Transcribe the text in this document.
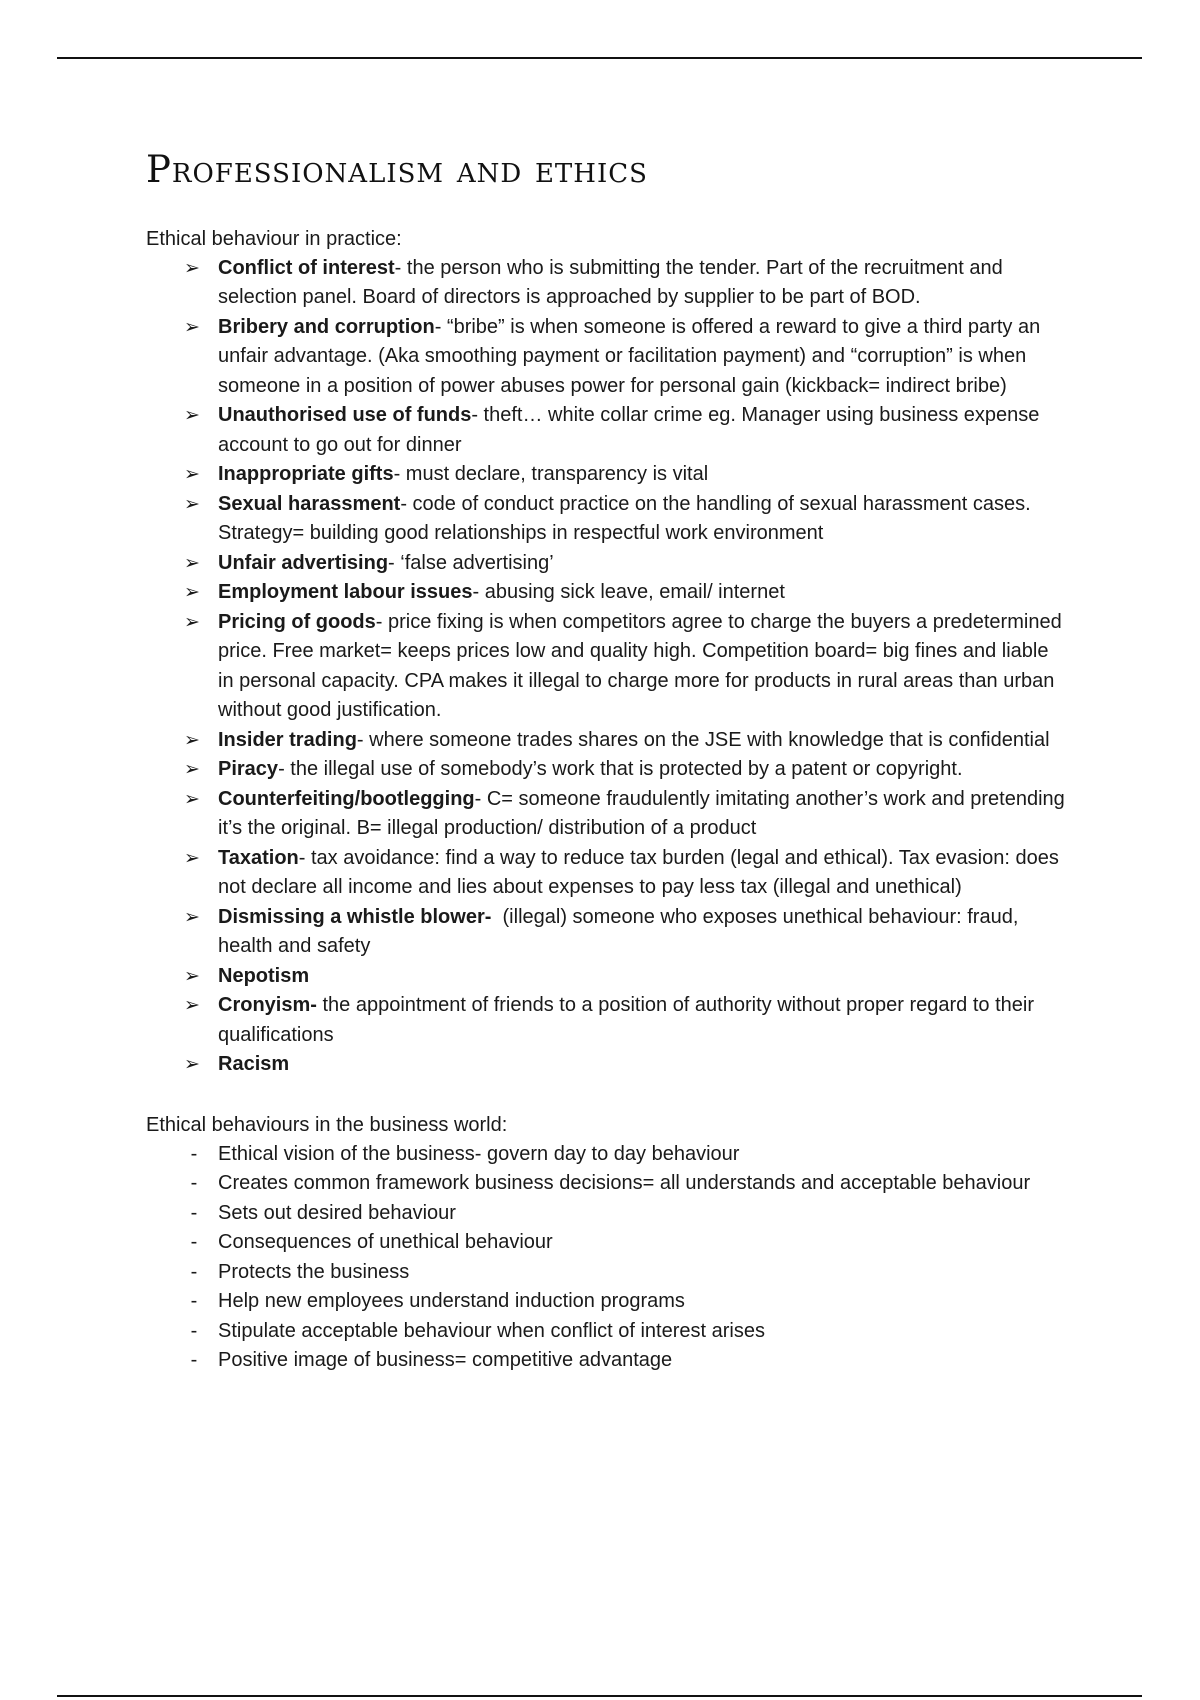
Professionalism and ethics

Ethical behaviour in practice:

➢ Conflict of interest- the person who is submitting the tender. Part of the recruitment and selection panel. Board of directors is approached by supplier to be part of BOD.
➢ Bribery and corruption- “bribe” is when someone is offered a reward to give a third party an unfair advantage. (Aka smoothing payment or facilitation payment) and “corruption” is when someone in a position of power abuses power for personal gain (kickback= indirect bribe)
➢ Unauthorised use of funds- theft… white collar crime eg. Manager using business expense account to go out for dinner
➢ Inappropriate gifts- must declare, transparency is vital
➢ Sexual harassment- code of conduct practice on the handling of sexual harassment cases. Strategy= building good relationships in respectful work environment
➢ Unfair advertising- ‘false advertising’
➢ Employment labour issues- abusing sick leave, email/ internet
➢ Pricing of goods- price fixing is when competitors agree to charge the buyers a predetermined price. Free market= keeps prices low and quality high. Competition board= big fines and liable in personal capacity. CPA makes it illegal to charge more for products in rural areas than urban without good justification.
➢ Insider trading- where someone trades shares on the JSE with knowledge that is confidential
➢ Piracy- the illegal use of somebody’s work that is protected by a patent or copyright.
➢ Counterfeiting/bootlegging- C= someone fraudulently imitating another’s work and pretending it’s the original. B= illegal production/ distribution of a product
➢ Taxation- tax avoidance: find a way to reduce tax burden (legal and ethical). Tax evasion: does not declare all income and lies about expenses to pay less tax (illegal and unethical)
➢ Dismissing a whistle blower-  (illegal) someone who exposes unethical behaviour: fraud, health and safety
➢ Nepotism
➢ Cronyism- the appointment of friends to a position of authority without proper regard to their qualifications
➢ Racism

Ethical behaviours in the business world:

-	Ethical vision of the business- govern day to day behaviour
-	Creates common framework business decisions= all understands and acceptable behaviour
-	Sets out desired behaviour
-	Consequences of unethical behaviour
-	Protects the business
-	Help new employees understand induction programs
-	Stipulate acceptable behaviour when conflict of interest arises
-	Positive image of business= competitive advantage
